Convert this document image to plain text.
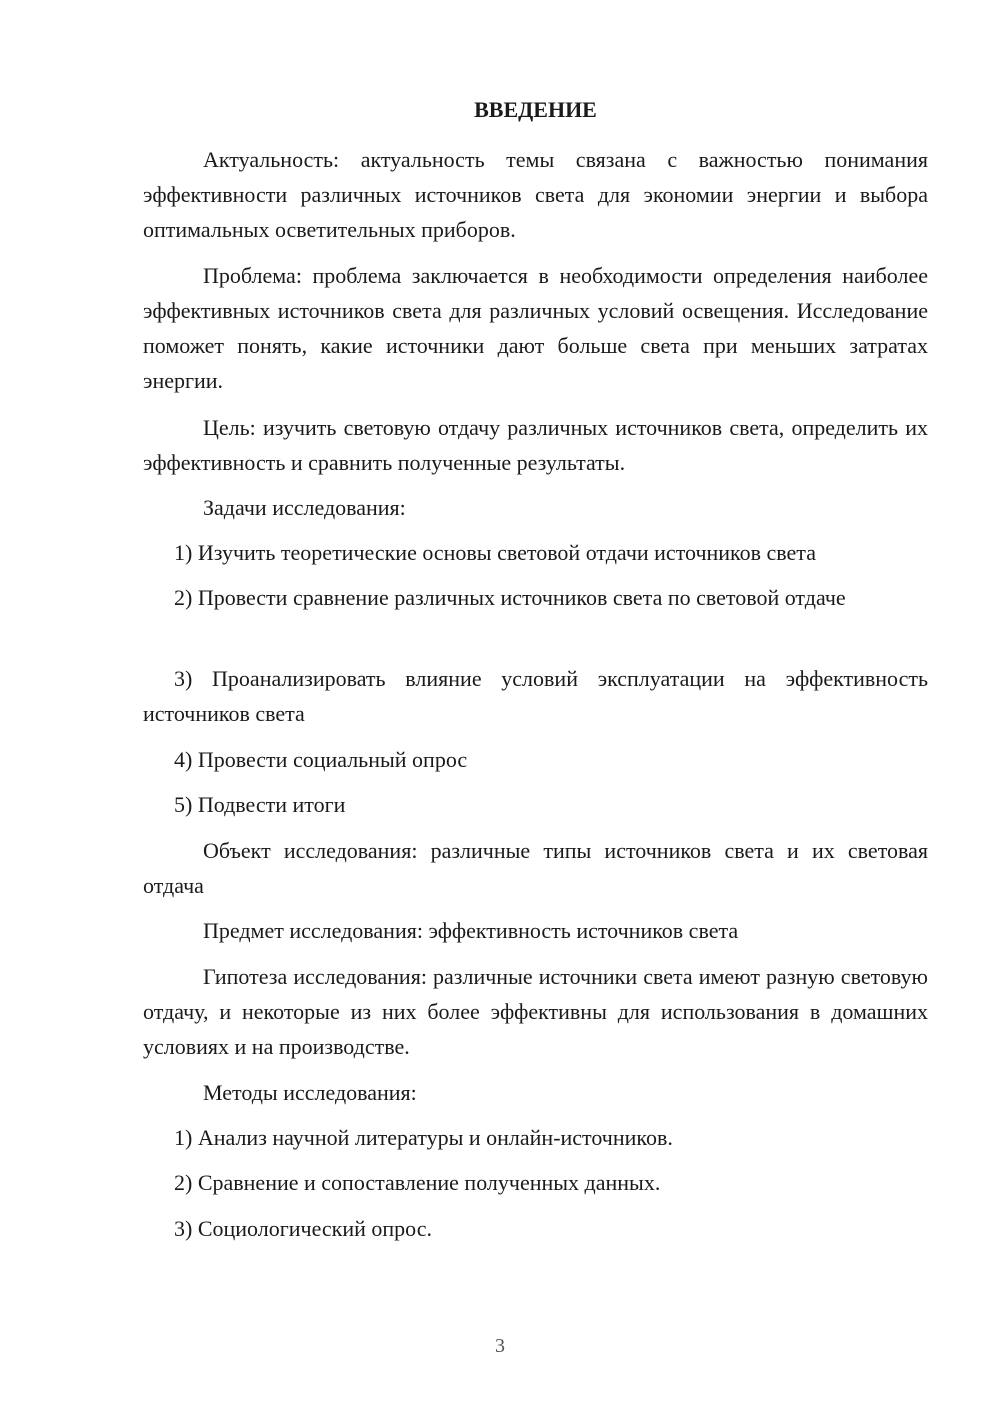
ВВЕДЕНИЕ

Актуальность: актуальность темы связана с важностью понимания эффективности различных источников света для экономии энергии и выбора оптимальных осветительных приборов.

Проблема: проблема заключается в необходимости определения наиболее эффективных источников света для различных условий освещения. Исследование поможет понять, какие источники дают больше света при меньших затратах энергии.

Цель: изучить световую отдачу различных источников света, определить их эффективность и сравнить полученные результаты.

Задачи исследования:

1) Изучить теоретические основы световой отдачи источников света

2) Провести сравнение различных источников света по световой отдаче

3) Проанализировать влияние условий эксплуатации на эффективность источников света

4) Провести социальный опрос

5) Подвести итоги

Объект исследования: различные типы источников света и их световая отдача

Предмет исследования: эффективность источников света

Гипотеза исследования: различные источники света имеют разную световую отдачу, и некоторые из них более эффективны для использования в домашних условиях и на производстве.

Методы исследования:

1) Анализ научной литературы и онлайн-источников.

2) Сравнение и сопоставление полученных данных.

3) Социологический опрос.

3
